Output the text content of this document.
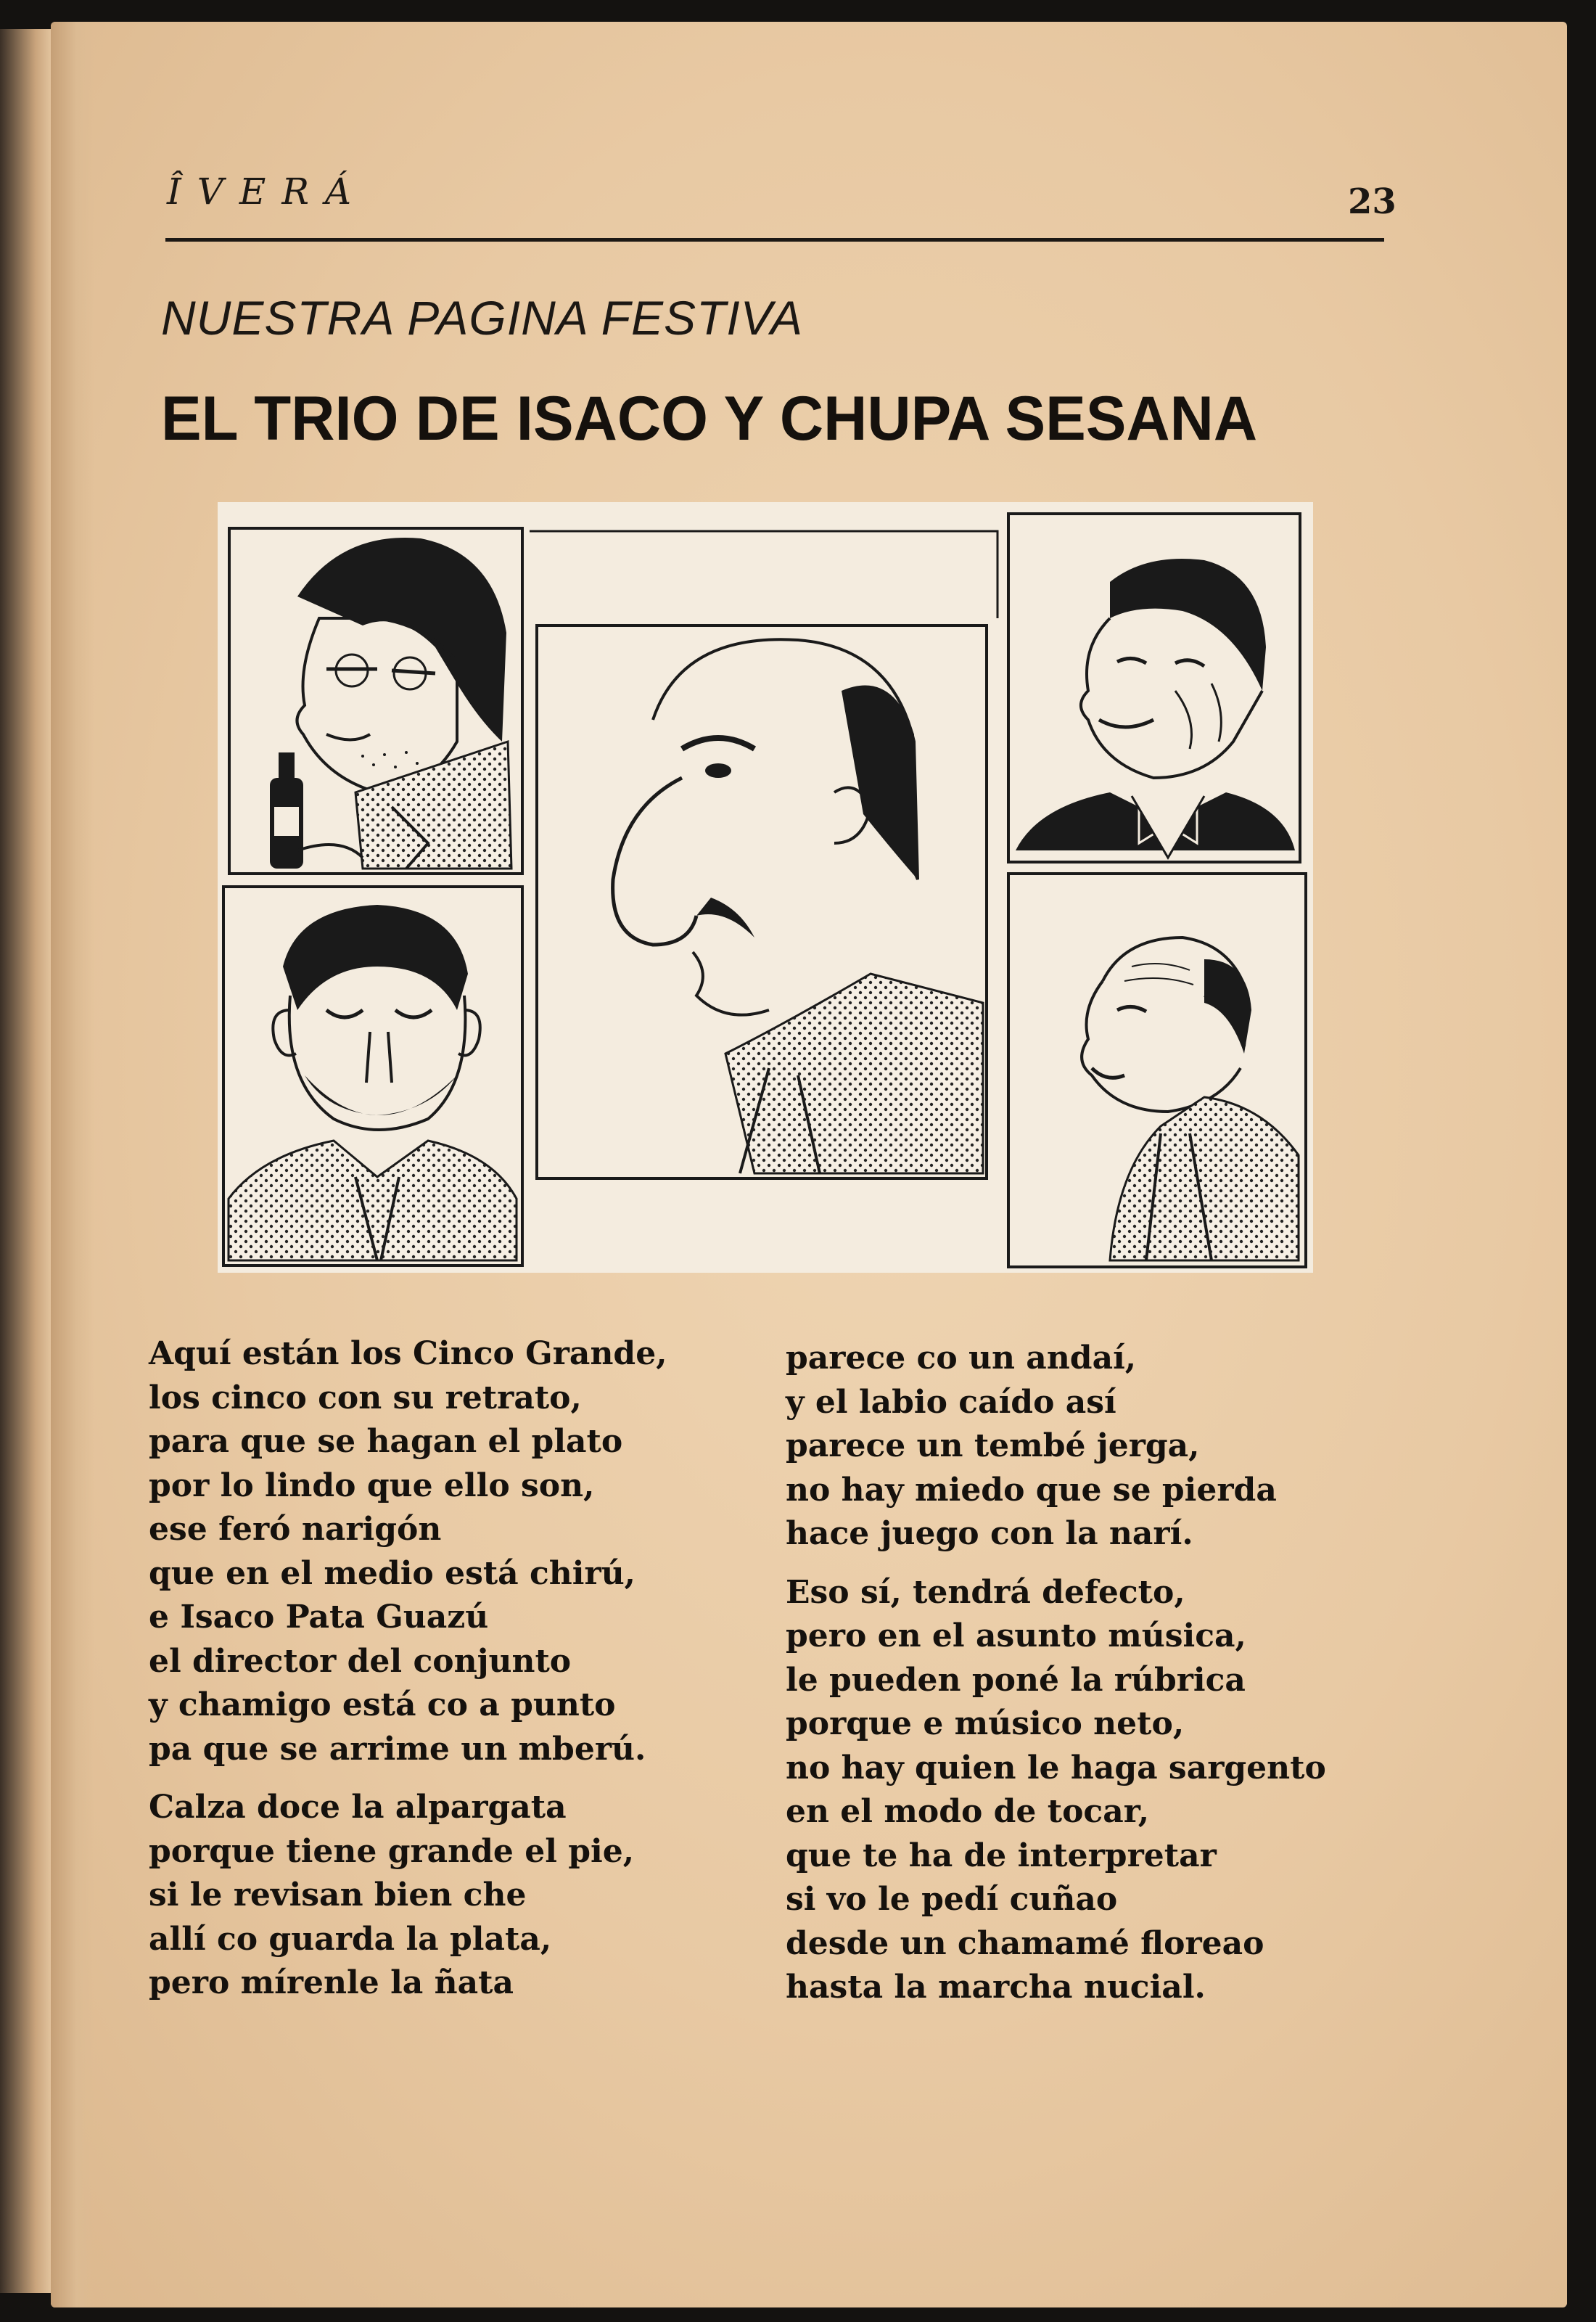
ÎVERÁ	23
NUESTRA PAGINA FESTIVA
EL TRIO DE ISACO Y CHUPA SESANA

Aquí están los Cinco Grande,
los cinco con su retrato,
para que se hagan el plato
por lo lindo que ello son,
ese feró narigón
que en el medio está chirú,
e Isaco Pata Guazú
el director del conjunto
y chamigo está co a punto
pa que se arrime un mberú.

Calza doce la alpargata
porque tiene grande el pie,
si le revisan bien che
allí co guarda la plata,
pero mírenle la ñata

parece co un andaí,
y el labio caído así
parece un tembé jerga,
no hay miedo que se pierda
hace juego con la narí.

Eso sí, tendrá defecto,
pero en el asunto música,
le pueden poné la rúbrica
porque e músico neto,
no hay quien le haga sargento
en el modo de tocar,
que te ha de interpretar
si vo le pedí cuñao
desde un chamamé floreao
hasta la marcha nucial.
